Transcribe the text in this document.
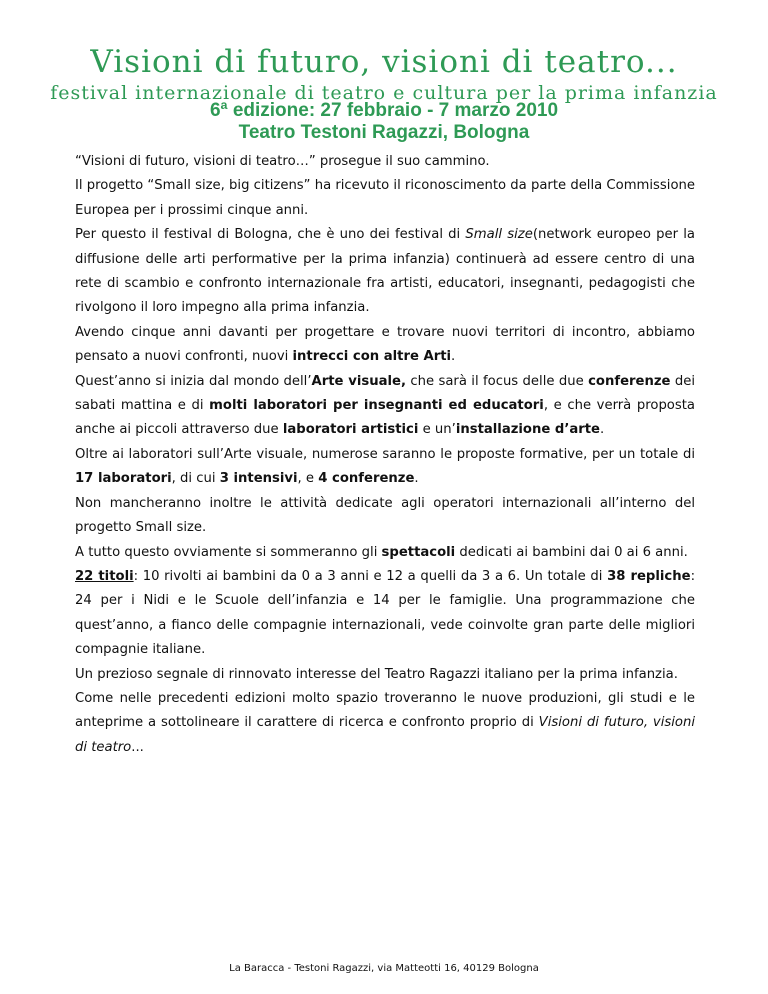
Visioni di futuro, visioni di teatro...
festival internazionale di teatro e cultura per la prima infanzia
6ª edizione: 27 febbraio - 7 marzo 2010
Teatro Testoni Ragazzi, Bologna

“Visioni di futuro, visioni di teatro…” prosegue il suo cammino.

Il progetto “Small size, big citizens” ha ricevuto il riconoscimento da parte della Commissione Europea per i prossimi cinque anni.

Per questo il festival di Bologna, che è uno dei festival di Small size(network europeo per la diffusione delle arti performative per la prima infanzia) continuerà ad essere centro di una rete di scambio e confronto internazionale fra artisti, educatori, insegnanti, pedagogisti che rivolgono il loro impegno alla prima infanzia.

Avendo cinque anni davanti per progettare e trovare nuovi territori di incontro, abbiamo pensato a nuovi confronti, nuovi intrecci con altre Arti.

Quest’anno si inizia dal mondo dell’Arte visuale, che sarà il focus delle due conferenze dei sabati mattina e di molti laboratori per insegnanti ed educatori, e che verrà proposta anche ai piccoli attraverso due laboratori artistici e un’installazione d’arte.

Oltre ai laboratori sull’Arte visuale, numerose saranno le proposte formative, per un totale di 17 laboratori, di cui 3 intensivi, e 4 conferenze.

Non mancheranno inoltre le attività dedicate agli operatori internazionali all’interno del progetto Small size.

A tutto questo ovviamente si sommeranno gli spettacoli dedicati ai bambini dai 0 ai 6 anni.

22 titoli: 10 rivolti ai bambini da 0 a 3 anni e 12 a quelli da 3 a 6. Un totale di 38 repliche: 24 per i Nidi e le Scuole dell’infanzia e 14 per le famiglie. Una programmazione che quest’anno, a fianco delle compagnie internazionali, vede coinvolte gran parte delle migliori compagnie italiane.

Un prezioso segnale di rinnovato interesse del Teatro Ragazzi italiano per la prima infanzia.

Come nelle precedenti edizioni molto spazio troveranno le nuove produzioni, gli studi e le anteprime a sottolineare il carattere di ricerca e confronto proprio di Visioni di futuro, visioni di teatro...

La Baracca - Testoni Ragazzi, via Matteotti 16, 40129 Bologna
